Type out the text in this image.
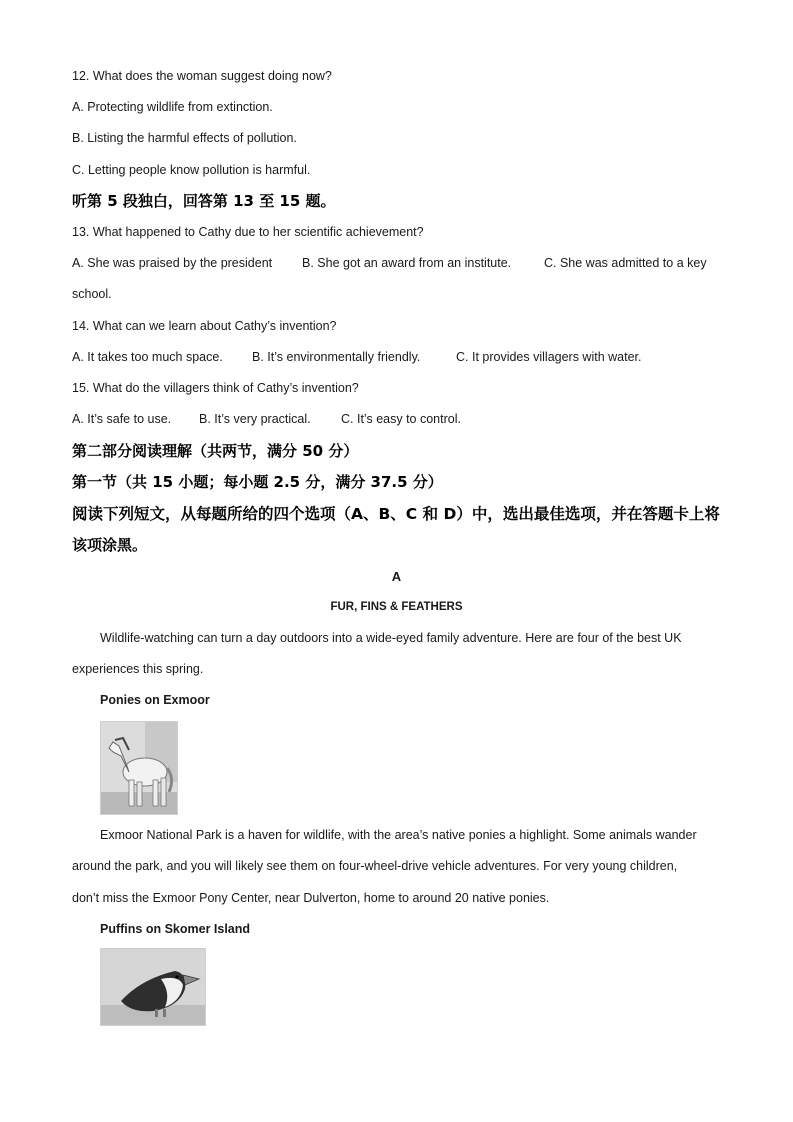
12. What does the woman suggest doing now?
A. Protecting wildlife from extinction.
B. Listing the harmful effects of pollution.
C. Letting people know pollution is harmful.
听第 5 段独白，回答第 13 至 15 题。
13. What happened to Cathy due to her scientific achievement?
A. She was praised by the president B. She got an award from an institute.	C. She was admitted to a key
school.
14. What can we learn about Cathy’s invention?
A. It takes too much space. B. It’s environmentally friendly.	C. It provides villagers with water.
15. What do the villagers think of Cathy’s invention?
A. It’s safe to use. B. It’s very practical. C. It’s easy to control.
第二部分阅读理解（共两节，满分 50 分）
第一节（共 15 小题；每小题 2.5 分，满分 37.5 分）
阅读下列短文，从每题所给的四个选项（A、B、C 和 D）中，选出最佳选项，并在答题卡上将
该项涂黑。
A
FUR, FINS & FEATHERS
Wildlife-watching can turn a day outdoors into a wide-eyed family adventure. Here are four of the best UK
experiences this spring.
Ponies on Exmoor
Exmoor National Park is a haven for wildlife, with the area’s native ponies a highlight. Some animals wander
around the park, and you will likely see them on four-wheel-drive vehicle adventures. For very young children,
don’t miss the Exmoor Pony Center, near Dulverton, home to around 20 native ponies.
Puffins on Skomer Island
